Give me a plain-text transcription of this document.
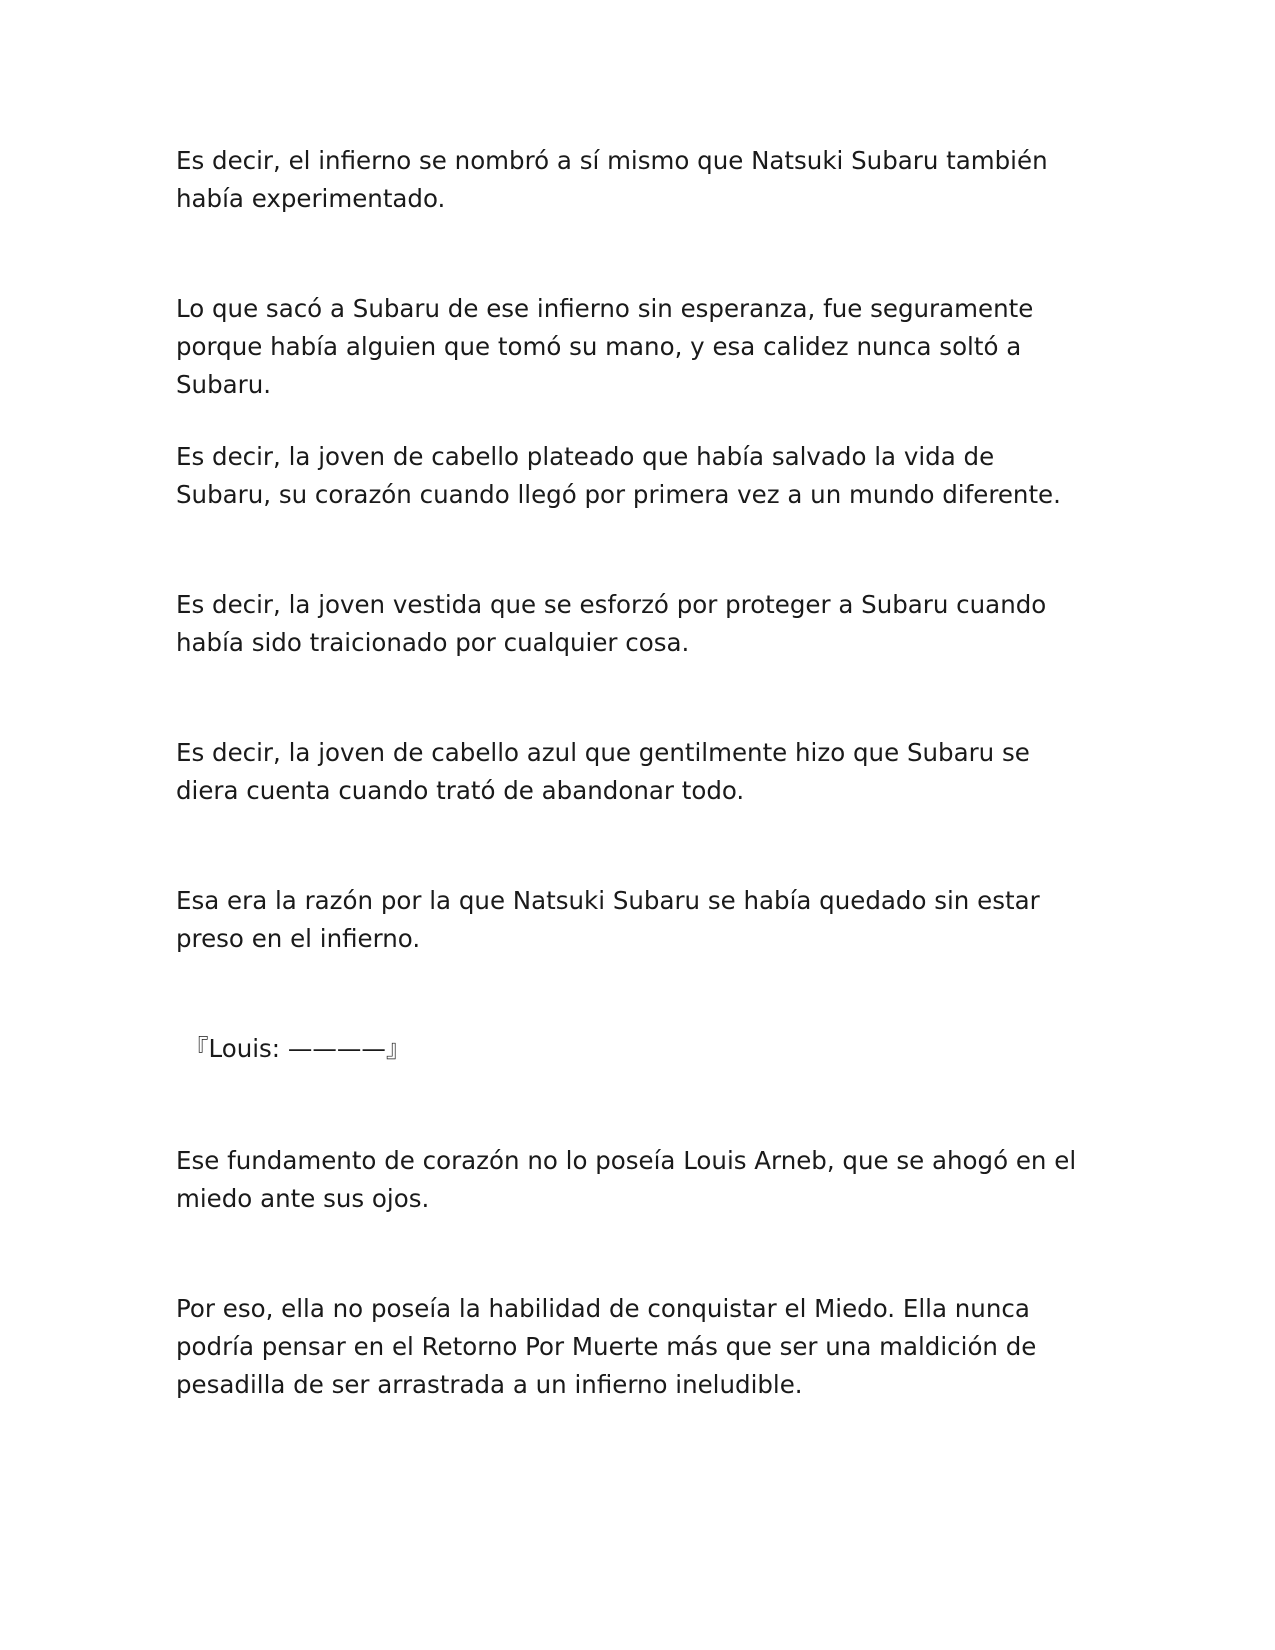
Es decir, el infierno se nombró a sí mismo que Natsuki Subaru también había experimentado.

Lo que sacó a Subaru de ese infierno sin esperanza, fue seguramente porque había alguien que tomó su mano, y esa calidez nunca soltó a Subaru.

Es decir, la joven de cabello plateado que había salvado la vida de Subaru, su corazón cuando llegó por primera vez a un mundo diferente.

Es decir, la joven vestida que se esforzó por proteger a Subaru cuando había sido traicionado por cualquier cosa.

Es decir, la joven de cabello azul que gentilmente hizo que Subaru se diera cuenta cuando trató de abandonar todo.

Esa era la razón por la que Natsuki Subaru se había quedado sin estar preso en el infierno.

『Louis: ————』

Ese fundamento de corazón no lo poseía Louis Arneb, que se ahogó en el miedo ante sus ojos.

Por eso, ella no poseía la habilidad de conquistar el Miedo. Ella nunca podría pensar en el Retorno Por Muerte más que ser una maldición de pesadilla de ser arrastrada a un infierno ineludible.
